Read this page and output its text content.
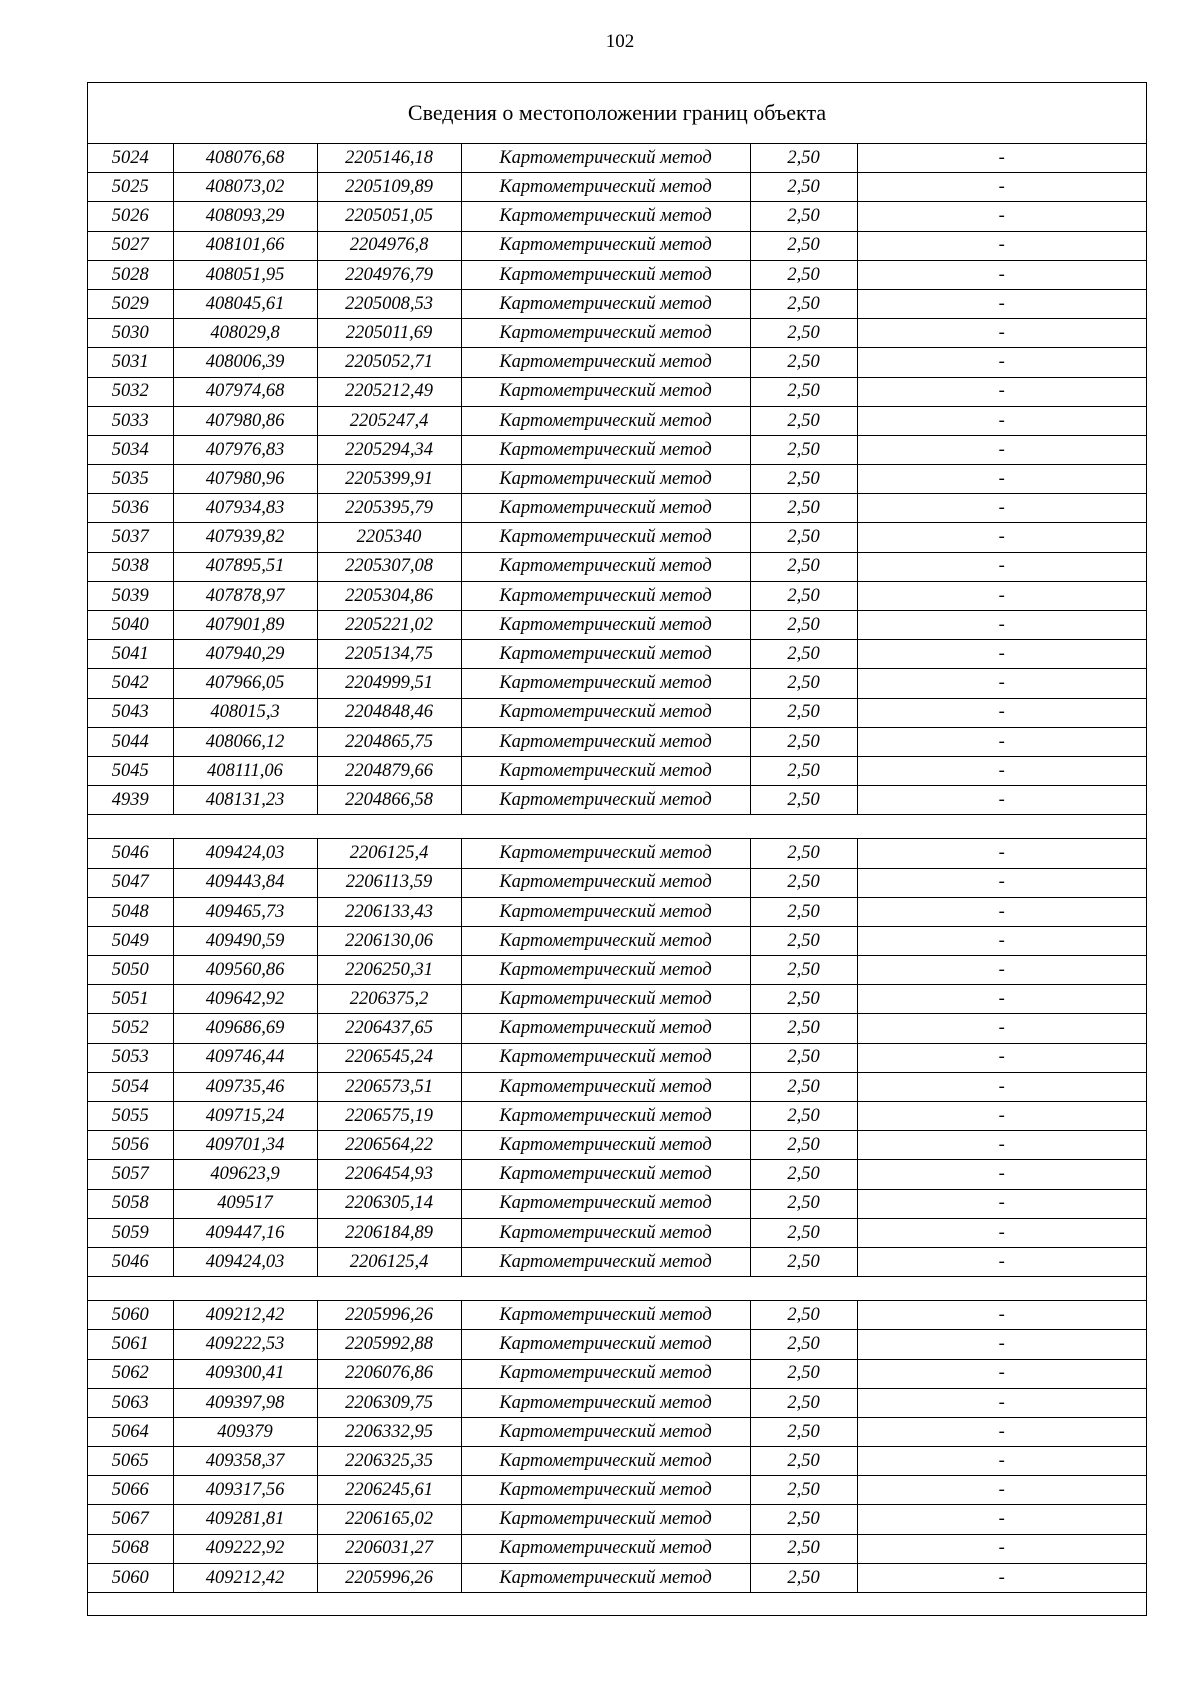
102
Сведения о местоположении границ объекта
5024	408076,68	2205146,18	Картометрический метод	2,50	-
5025	408073,02	2205109,89	Картометрический метод	2,50	-
5026	408093,29	2205051,05	Картометрический метод	2,50	-
5027	408101,66	2204976,8	Картометрический метод	2,50	-
5028	408051,95	2204976,79	Картометрический метод	2,50	-
5029	408045,61	2205008,53	Картометрический метод	2,50	-
5030	408029,8	2205011,69	Картометрический метод	2,50	-
5031	408006,39	2205052,71	Картометрический метод	2,50	-
5032	407974,68	2205212,49	Картометрический метод	2,50	-
5033	407980,86	2205247,4	Картометрический метод	2,50	-
5034	407976,83	2205294,34	Картометрический метод	2,50	-
5035	407980,96	2205399,91	Картометрический метод	2,50	-
5036	407934,83	2205395,79	Картометрический метод	2,50	-
5037	407939,82	2205340	Картометрический метод	2,50	-
5038	407895,51	2205307,08	Картометрический метод	2,50	-
5039	407878,97	2205304,86	Картометрический метод	2,50	-
5040	407901,89	2205221,02	Картометрический метод	2,50	-
5041	407940,29	2205134,75	Картометрический метод	2,50	-
5042	407966,05	2204999,51	Картометрический метод	2,50	-
5043	408015,3	2204848,46	Картометрический метод	2,50	-
5044	408066,12	2204865,75	Картометрический метод	2,50	-
5045	408111,06	2204879,66	Картометрический метод	2,50	-
4939	408131,23	2204866,58	Картометрический метод	2,50	-

5046	409424,03	2206125,4	Картометрический метод	2,50	-
5047	409443,84	2206113,59	Картометрический метод	2,50	-
5048	409465,73	2206133,43	Картометрический метод	2,50	-
5049	409490,59	2206130,06	Картометрический метод	2,50	-
5050	409560,86	2206250,31	Картометрический метод	2,50	-
5051	409642,92	2206375,2	Картометрический метод	2,50	-
5052	409686,69	2206437,65	Картометрический метод	2,50	-
5053	409746,44	2206545,24	Картометрический метод	2,50	-
5054	409735,46	2206573,51	Картометрический метод	2,50	-
5055	409715,24	2206575,19	Картометрический метод	2,50	-
5056	409701,34	2206564,22	Картометрический метод	2,50	-
5057	409623,9	2206454,93	Картометрический метод	2,50	-
5058	409517	2206305,14	Картометрический метод	2,50	-
5059	409447,16	2206184,89	Картометрический метод	2,50	-
5046	409424,03	2206125,4	Картометрический метод	2,50	-

5060	409212,42	2205996,26	Картометрический метод	2,50	-
5061	409222,53	2205992,88	Картометрический метод	2,50	-
5062	409300,41	2206076,86	Картометрический метод	2,50	-
5063	409397,98	2206309,75	Картометрический метод	2,50	-
5064	409379	2206332,95	Картометрический метод	2,50	-
5065	409358,37	2206325,35	Картометрический метод	2,50	-
5066	409317,56	2206245,61	Картометрический метод	2,50	-
5067	409281,81	2206165,02	Картометрический метод	2,50	-
5068	409222,92	2206031,27	Картометрический метод	2,50	-
5060	409212,42	2205996,26	Картометрический метод	2,50	-
